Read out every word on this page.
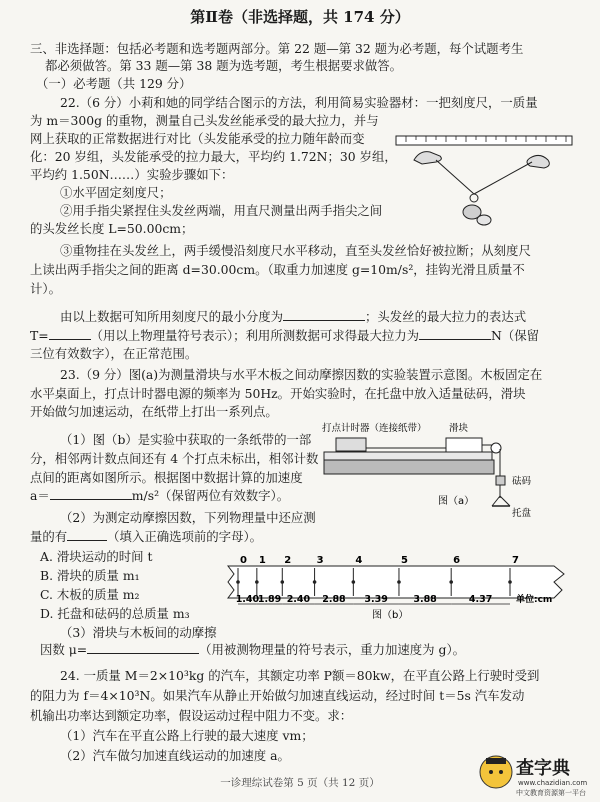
第Ⅱ卷（非选择题，共 174 分）
三、非选择题：包括必考题和选考题两部分。第 22 题—第 32 题为必考题，每个试题考生
都必须做答。第 33 题—第 38 题为选考题，考生根据要求做答。
（一）必考题（共 129 分）
22.（6 分）小莉和她的同学结合图示的方法，利用简易实验器材：一把刻度尺，一质量
为 m＝300g 的重物，测量自己头发丝能承受的最大拉力，并与
网上获取的正常数据进行对比（头发能承受的拉力随年龄而变
化：20 岁组，头发能承受的拉力最大，平均约 1.72N；30 岁组，
平均约 1.50N……）实验步骤如下：
①水平固定刻度尺；
②用手指尖紧捏住头发丝两端，用直尺测量出两手指尖之间
的头发丝长度 L=50.00cm；
③重物挂在头发丝上，两手缓慢沿刻度尺水平移动，直至头发丝恰好被拉断；从刻度尺
上读出两手指尖之间的距离 d=30.00cm。（取重力加速度 g=10m/s²，挂钩光滑且质量不
计）。
由以上数据可知所用刻度尺的最小分度为	；头发丝的最大拉力的表达式
T=	（用以上物理量符号表示）；利用所测数据可求得最大拉力为	N（保留
三位有效数字），在正常范围。
23.（9 分）图(a)为测量滑块与水平木板之间动摩擦因数的实验装置示意图。木板固定在
水平桌面上，打点计时器电源的频率为 50Hz。开始实验时，在托盘中放入适量砝码，滑块
开始做匀加速运动，在纸带上打出一系列点。
（1）图（b）是实验中获取的一条纸带的一部
分，相邻两计数点间还有 4 个打点未标出，相邻计数
点间的距离如图所示。根据图中数据计算的加速度
a＝	m/s²（保留两位有效数字）。
（2）为测定动摩擦因数，下列物理量中还应测
量的有	（填入正确选项前的字母）。
A. 滑块运动的时间 t
B. 滑块的质量 m₁
C. 木板的质量 m₂
D. 托盘和砝码的总质量 m₃
（3）滑块与木板间的动摩擦
因数 μ=	（用被测物理量的符号表示，重力加速度为 g）。
打点计时器（连接纸带） 滑块
砝码
托盘
图（a）
0 1 2	3	4	5	6	7
1.40
1.89 2.40 2.88 3.39	3.88	4.37	单位:cm
图（b）
24. 一质量 M＝2×10³kg 的汽车，其额定功率 P额＝80kw，在平直公路上行驶时受到
的阻力为 f＝4×10³N。如果汽车从静止开始做匀加速直线运动，经过时间 t＝5s 汽车发动
机输出功率达到额定功率，假设运动过程中阻力不变。求：
（1）汽车在平直公路上行驶的最大速度 vm；
（2）汽车做匀加速直线运动的加速度 a。
一诊理综试卷第 5 页（共 12 页）
查字典
www.chazidian.com
中文教育资源第一平台
